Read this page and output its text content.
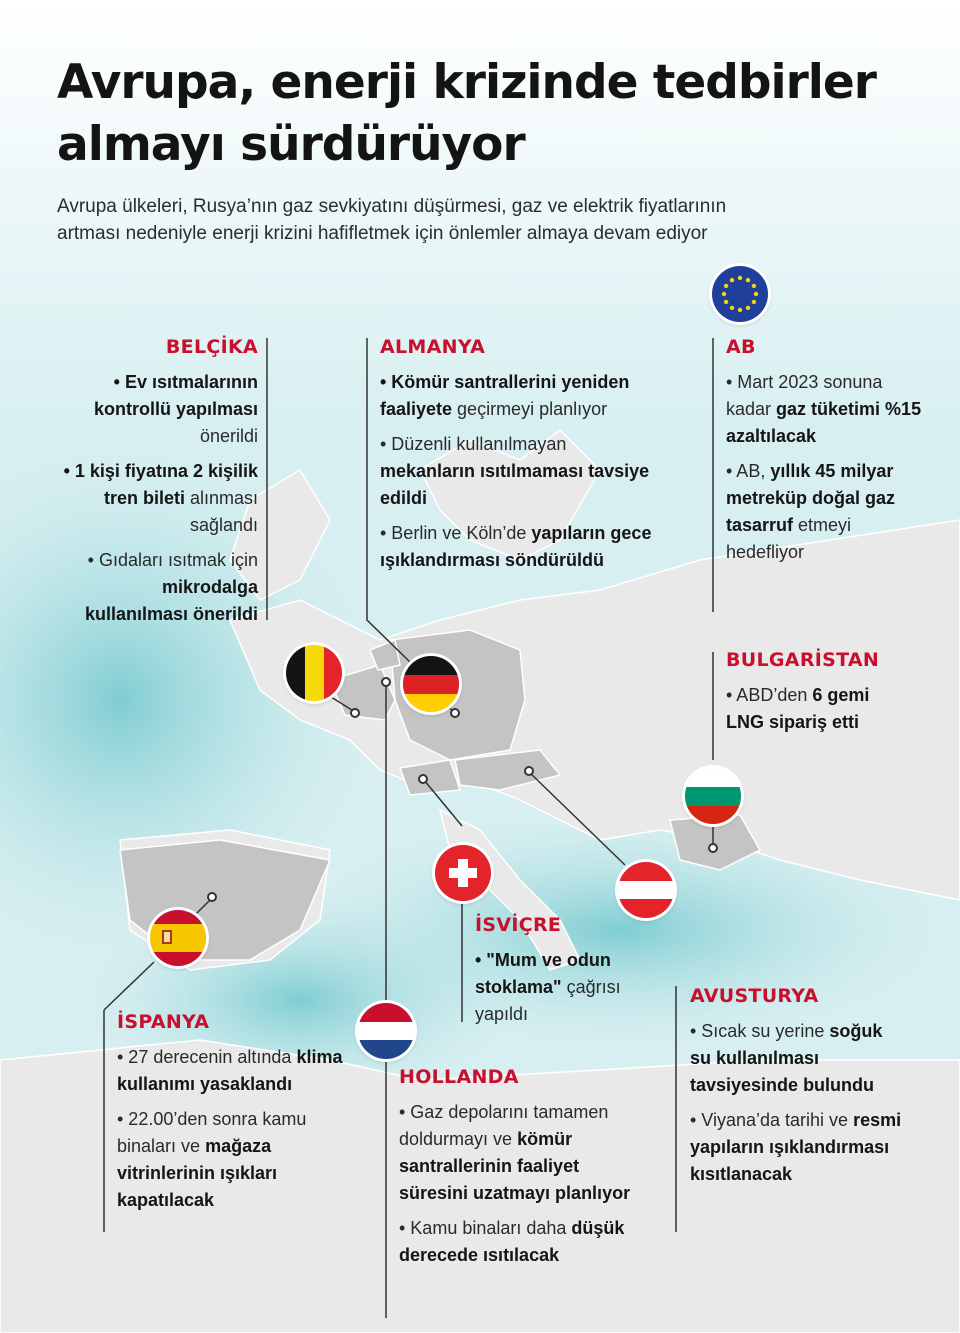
Avrupa, enerji krizinde tedbirler almayı sürdürüyor

Avrupa ülkeleri, Rusya’nın gaz sevkiyatını düşürmesi, gaz ve elektrik fiyatlarının artması nedeniyle enerji krizini hafifletmek için önlemler almaya devam ediyor

BELÇİKA

• Ev ısıtmalarının kontrollü yapılması önerildi

• 1 kişi fiyatına 2 kişilik tren bileti alınması sağlandı

• Gıdaları ısıtmak için mikrodalga kullanılması önerildi

ALMANYA

• Kömür santrallerini yeniden faaliyete geçirmeyi planlıyor

• Düzenli kullanılmayan mekanların ısıtılmaması tavsiye edildi

• Berlin ve Köln’de yapıların gece ışıklandırması söndürüldü

AB

• Mart 2023 sonuna kadar gaz tüketimi %15 azaltılacak

• AB, yıllık 45 milyar metreküp doğal gaz tasarruf etmeyi hedefliyor

BULGARİSTAN

• ABD’den 6 gemi LNG sipariş etti

İSVİÇRE

• "Mum ve odun stoklama" çağrısı yapıldı

AVUSTURYA

• Sıcak su yerine soğuk su kullanılması tavsiyesinde bulundu

• Viyana’da tarihi ve resmi yapıların ışıklandırması kısıtlanacak

İSPANYA

• 27 derecenin altında klima kullanımı yasaklandı

• 22.00’den sonra kamu binaları ve mağaza vitrinlerinin ışıkları kapatılacak

HOLLANDA

• Gaz depolarını tamamen doldurmayı ve kömür santrallerinin faaliyet süresini uzatmayı planlıyor

• Kamu binaları daha düşük derecede ısıtılacak
